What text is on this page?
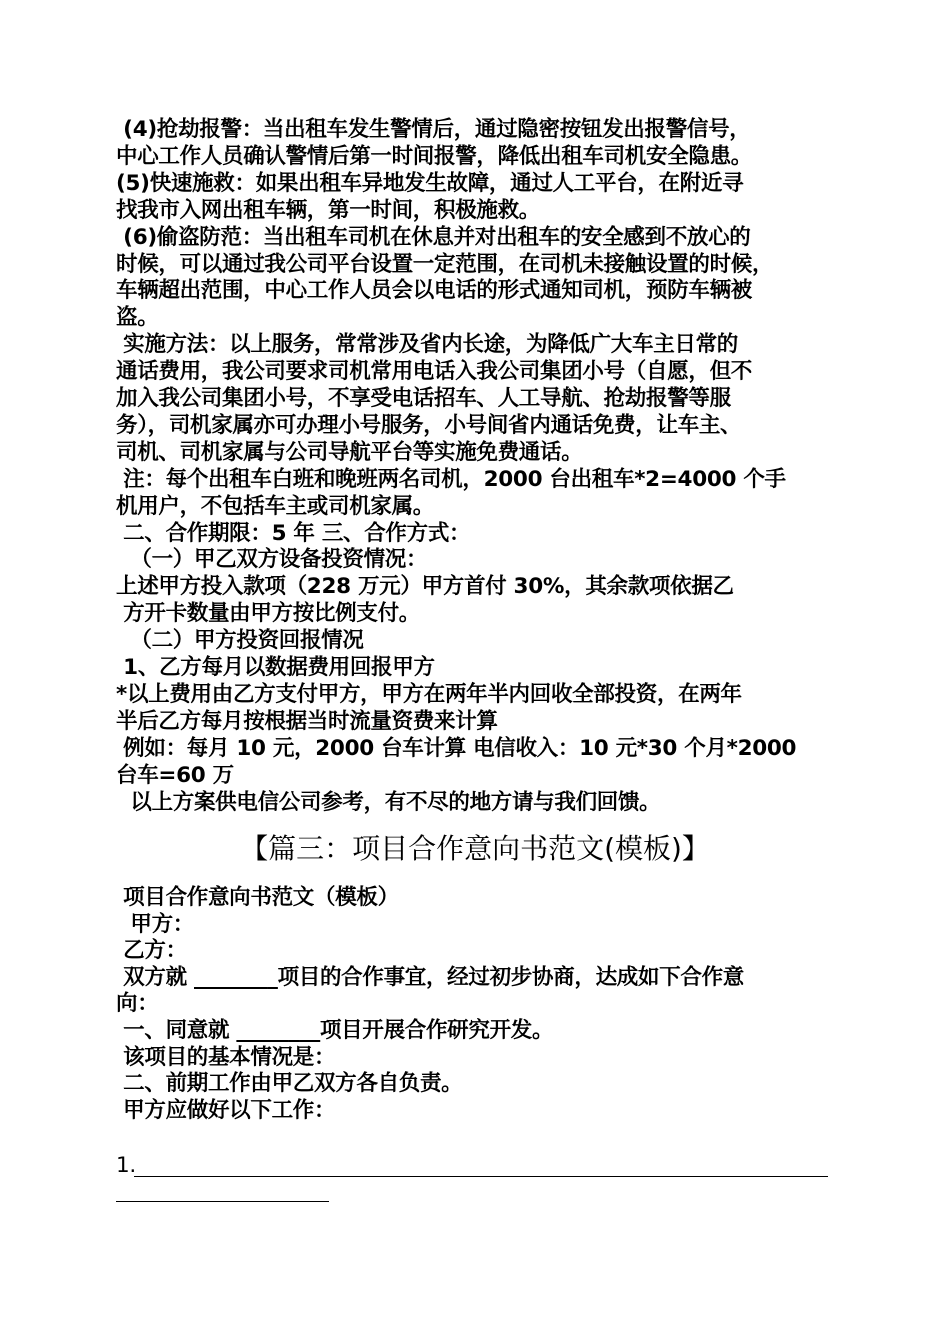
(4)抢劫报警：当出租车发生警情后，通过隐密按钮发出报警信号，
中心工作人员确认警情后第一时间报警，降低出租车司机安全隐患。
(5)快速施救：如果出租车异地发生故障，通过人工平台，在附近寻
找我市入网出租车辆，第一时间，积极施救。
(6)偷盗防范：当出租车司机在休息并对出租车的安全感到不放心的
时候，可以通过我公司平台设置一定范围，在司机未接触设置的时候，
车辆超出范围，中心工作人员会以电话的形式通知司机，预防车辆被
盗。
实施方法：以上服务，常常涉及省内长途，为降低广大车主日常的
通话费用，我公司要求司机常用电话入我公司集团小号（自愿，但不
加入我公司集团小号，不享受电话招车、人工导航、抢劫报警等服
务），司机家属亦可办理小号服务，小号间省内通话免费，让车主、
司机、司机家属与公司导航平台等实施免费通话。
注：每个出租车白班和晚班两名司机，2000 台出租车*2=4000 个手
机用户，不包括车主或司机家属。
二、合作期限：5 年 三、合作方式：
（一）甲乙双方设备投资情况：
上述甲方投入款项（228 万元）甲方首付 30%，其余款项依据乙
方开卡数量由甲方按比例支付。
（二）甲方投资回报情况
1、乙方每月以数据费用回报甲方
*以上费用由乙方支付甲方，甲方在两年半内回收全部投资，在两年
半后乙方每月按根据当时流量资费来计算
例如：每月 10 元，2000 台车计算 电信收入：10 元*30 个月*2000
台车=60 万
以上方案供电信公司参考，有不尽的地方请与我们回馈。
【篇三：项目合作意向书范文(模板)】
项目合作意向书范文（模板）
甲方：
乙方：
双方就 ________项目的合作事宜，经过初步协商，达成如下合作意
向：
一、同意就 ________项目开展合作研究开发。
该项目的基本情况是：
二、前期工作由甲乙双方各自负责。
甲方应做好以下工作：
1.
